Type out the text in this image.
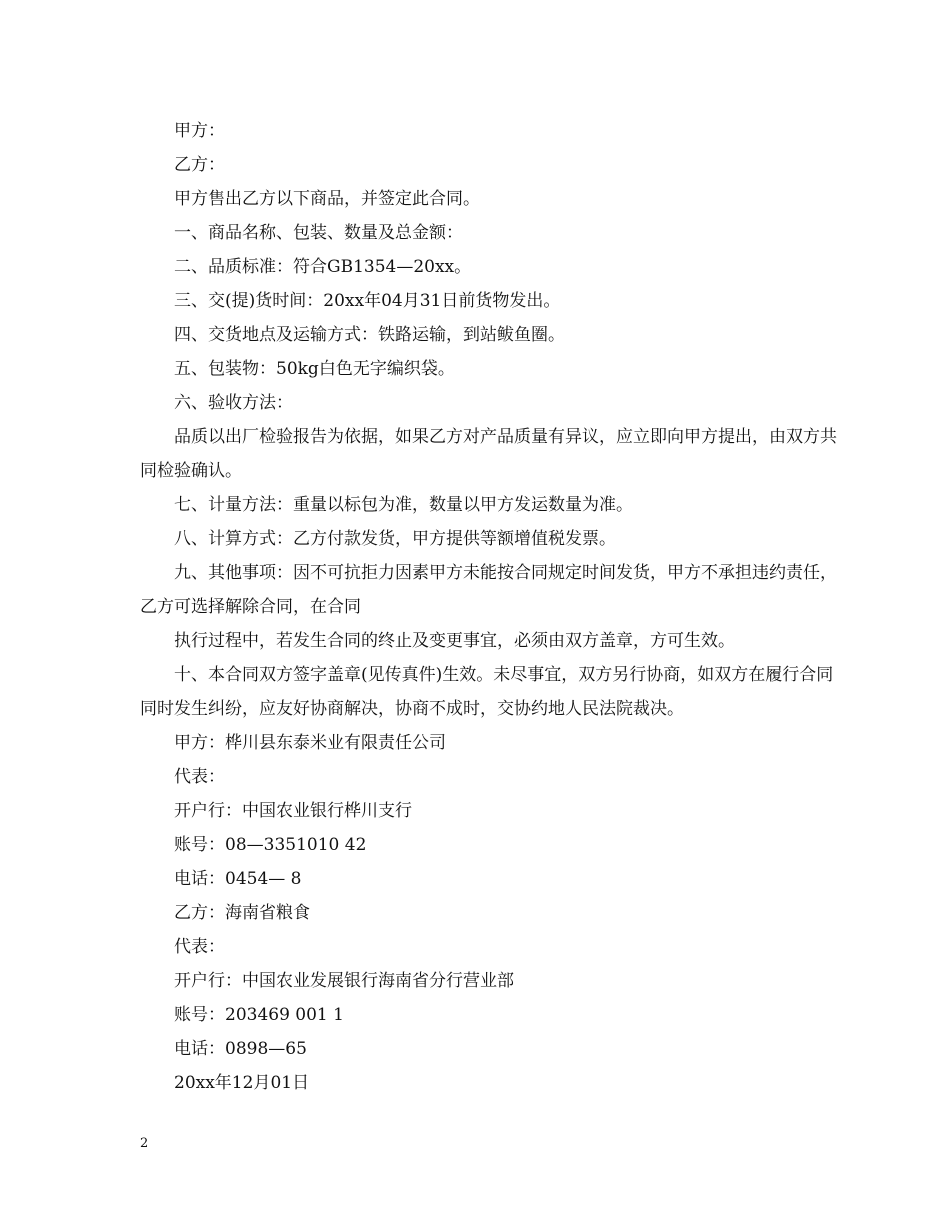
甲方：

乙方：

甲方售出乙方以下商品，并签定此合同。

一、商品名称、包装、数量及总金额：

二、品质标准：符合GB1354—20xx。

三、交(提)货时间：20xx年04月31日前货物发出。

四、交货地点及运输方式：铁路运输，到站鲅鱼圈。

五、包装物：50kg白色无字编织袋。

六、验收方法：

品质以出厂检验报告为依据，如果乙方对产品质量有异议，应立即向甲方提出，由双方共同检验确认。

七、计量方法：重量以标包为准，数量以甲方发运数量为准。

八、计算方式：乙方付款发货，甲方提供等额增值税发票。

九、其他事项：因不可抗拒力因素甲方未能按合同规定时间发货，甲方不承担违约责任，乙方可选择解除合同，在合同

执行过程中，若发生合同的终止及变更事宜，必须由双方盖章，方可生效。

十、本合同双方签字盖章(见传真件)生效。未尽事宜，双方另行协商，如双方在履行合同同时发生纠纷，应友好协商解决，协商不成时，交协约地人民法院裁决。

甲方：桦川县东泰米业有限责任公司

代表：

开户行：中国农业银行桦川支行

账号：08—3351010 42

电话：0454— 8

乙方：海南省粮食

代表：

开户行：中国农业发展银行海南省分行营业部

账号：203469 001 1

电话：0898—65

20xx年12月01日

2
